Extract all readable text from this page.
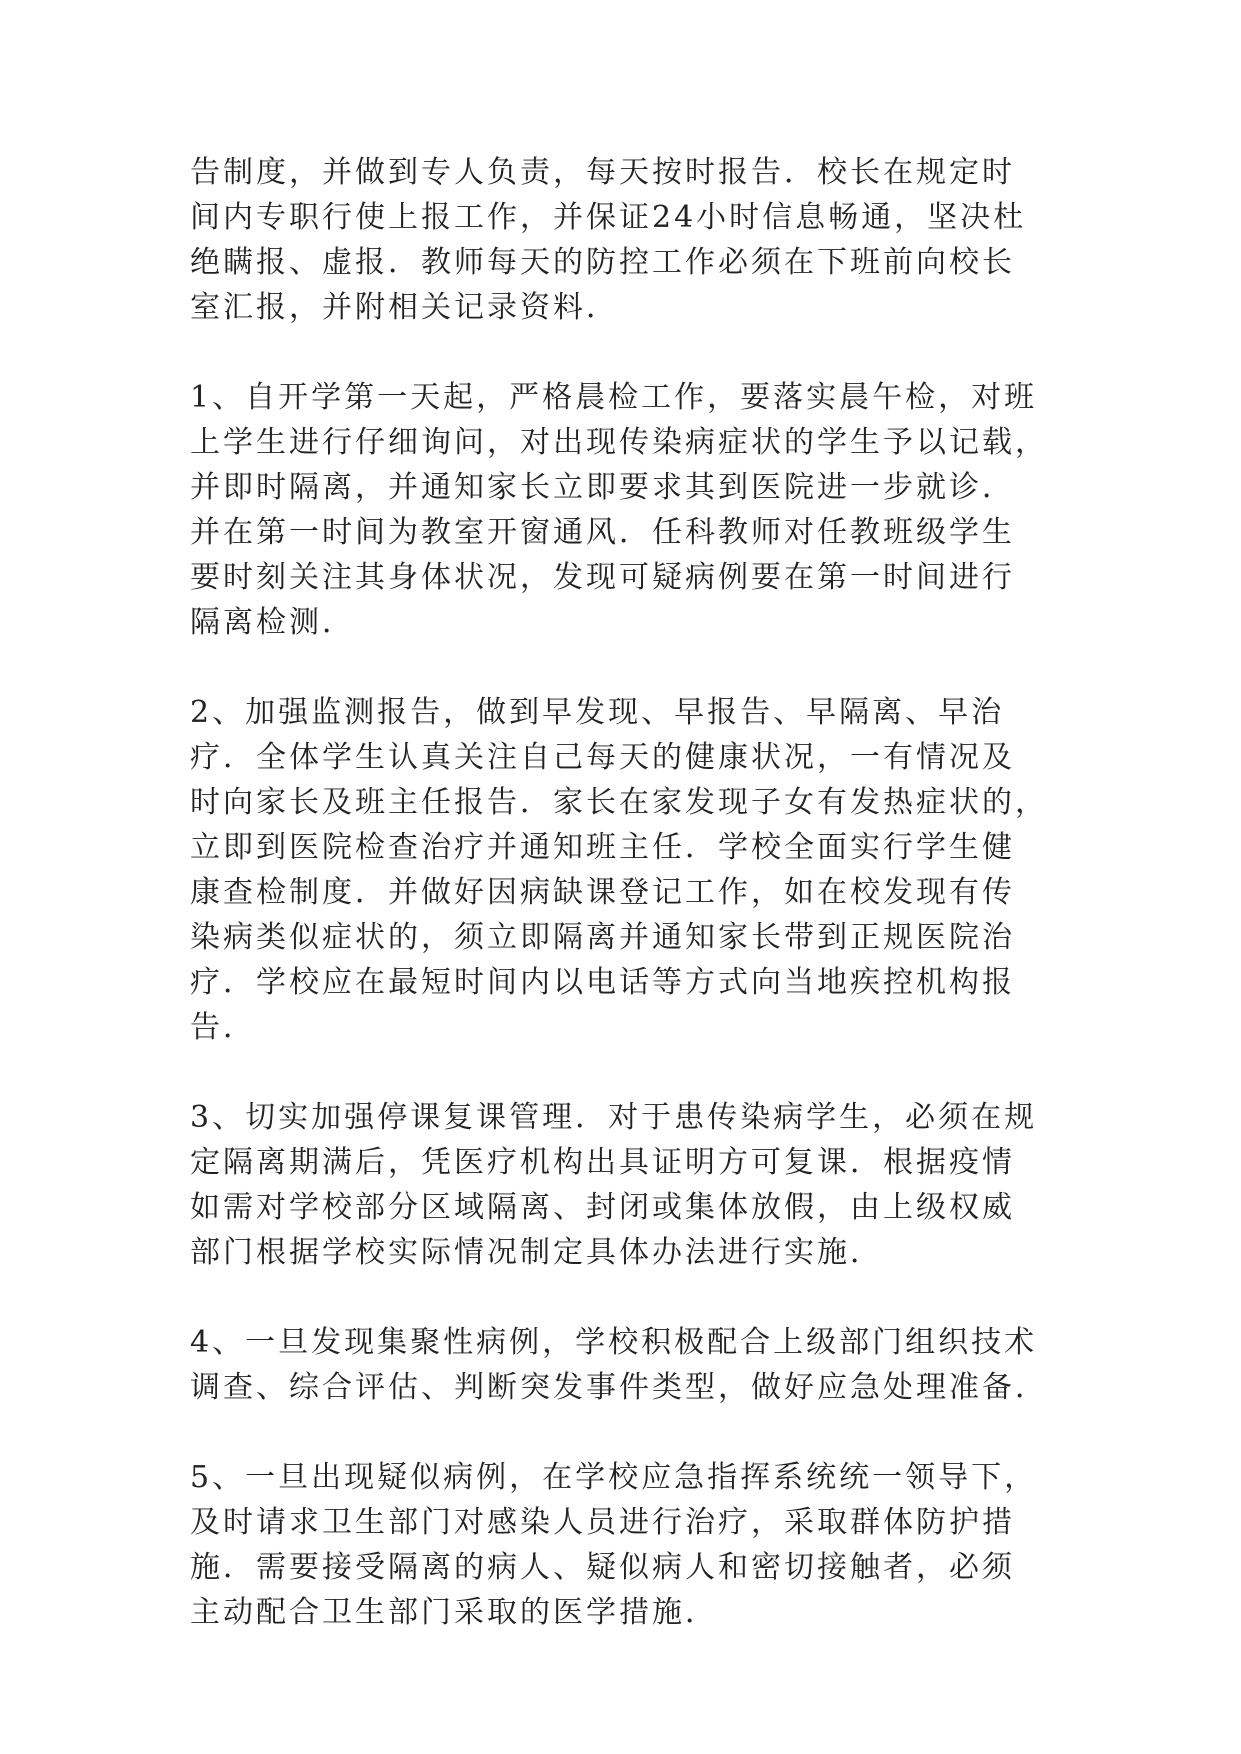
告制度，并做到专人负责，每天按时报告．校长在规定时
间内专职行使上报工作，并保证24小时信息畅通，坚决杜
绝瞒报、虚报．教师每天的防控工作必须在下班前向校长
室汇报，并附相关记录资料．

1、自开学第一天起，严格晨检工作，要落实晨午检，对班
上学生进行仔细询问，对出现传染病症状的学生予以记载，
并即时隔离，并通知家长立即要求其到医院进一步就诊．
并在第一时间为教室开窗通风．任科教师对任教班级学生
要时刻关注其身体状况，发现可疑病例要在第一时间进行
隔离检测．

2、加强监测报告，做到早发现、早报告、早隔离、早治
疗．全体学生认真关注自己每天的健康状况，一有情况及
时向家长及班主任报告．家长在家发现子女有发热症状的，
立即到医院检查治疗并通知班主任．学校全面实行学生健
康查检制度．并做好因病缺课登记工作，如在校发现有传
染病类似症状的，须立即隔离并通知家长带到正规医院治
疗．学校应在最短时间内以电话等方式向当地疾控机构报
告．

3、切实加强停课复课管理．对于患传染病学生，必须在规
定隔离期满后，凭医疗机构出具证明方可复课．根据疫情
如需对学校部分区域隔离、封闭或集体放假，由上级权威
部门根据学校实际情况制定具体办法进行实施．

4、一旦发现集聚性病例，学校积极配合上级部门组织技术
调查、综合评估、判断突发事件类型，做好应急处理准备．

5、一旦出现疑似病例，在学校应急指挥系统统一领导下，
及时请求卫生部门对感染人员进行治疗，采取群体防护措
施．需要接受隔离的病人、疑似病人和密切接触者，必须
主动配合卫生部门采取的医学措施．
